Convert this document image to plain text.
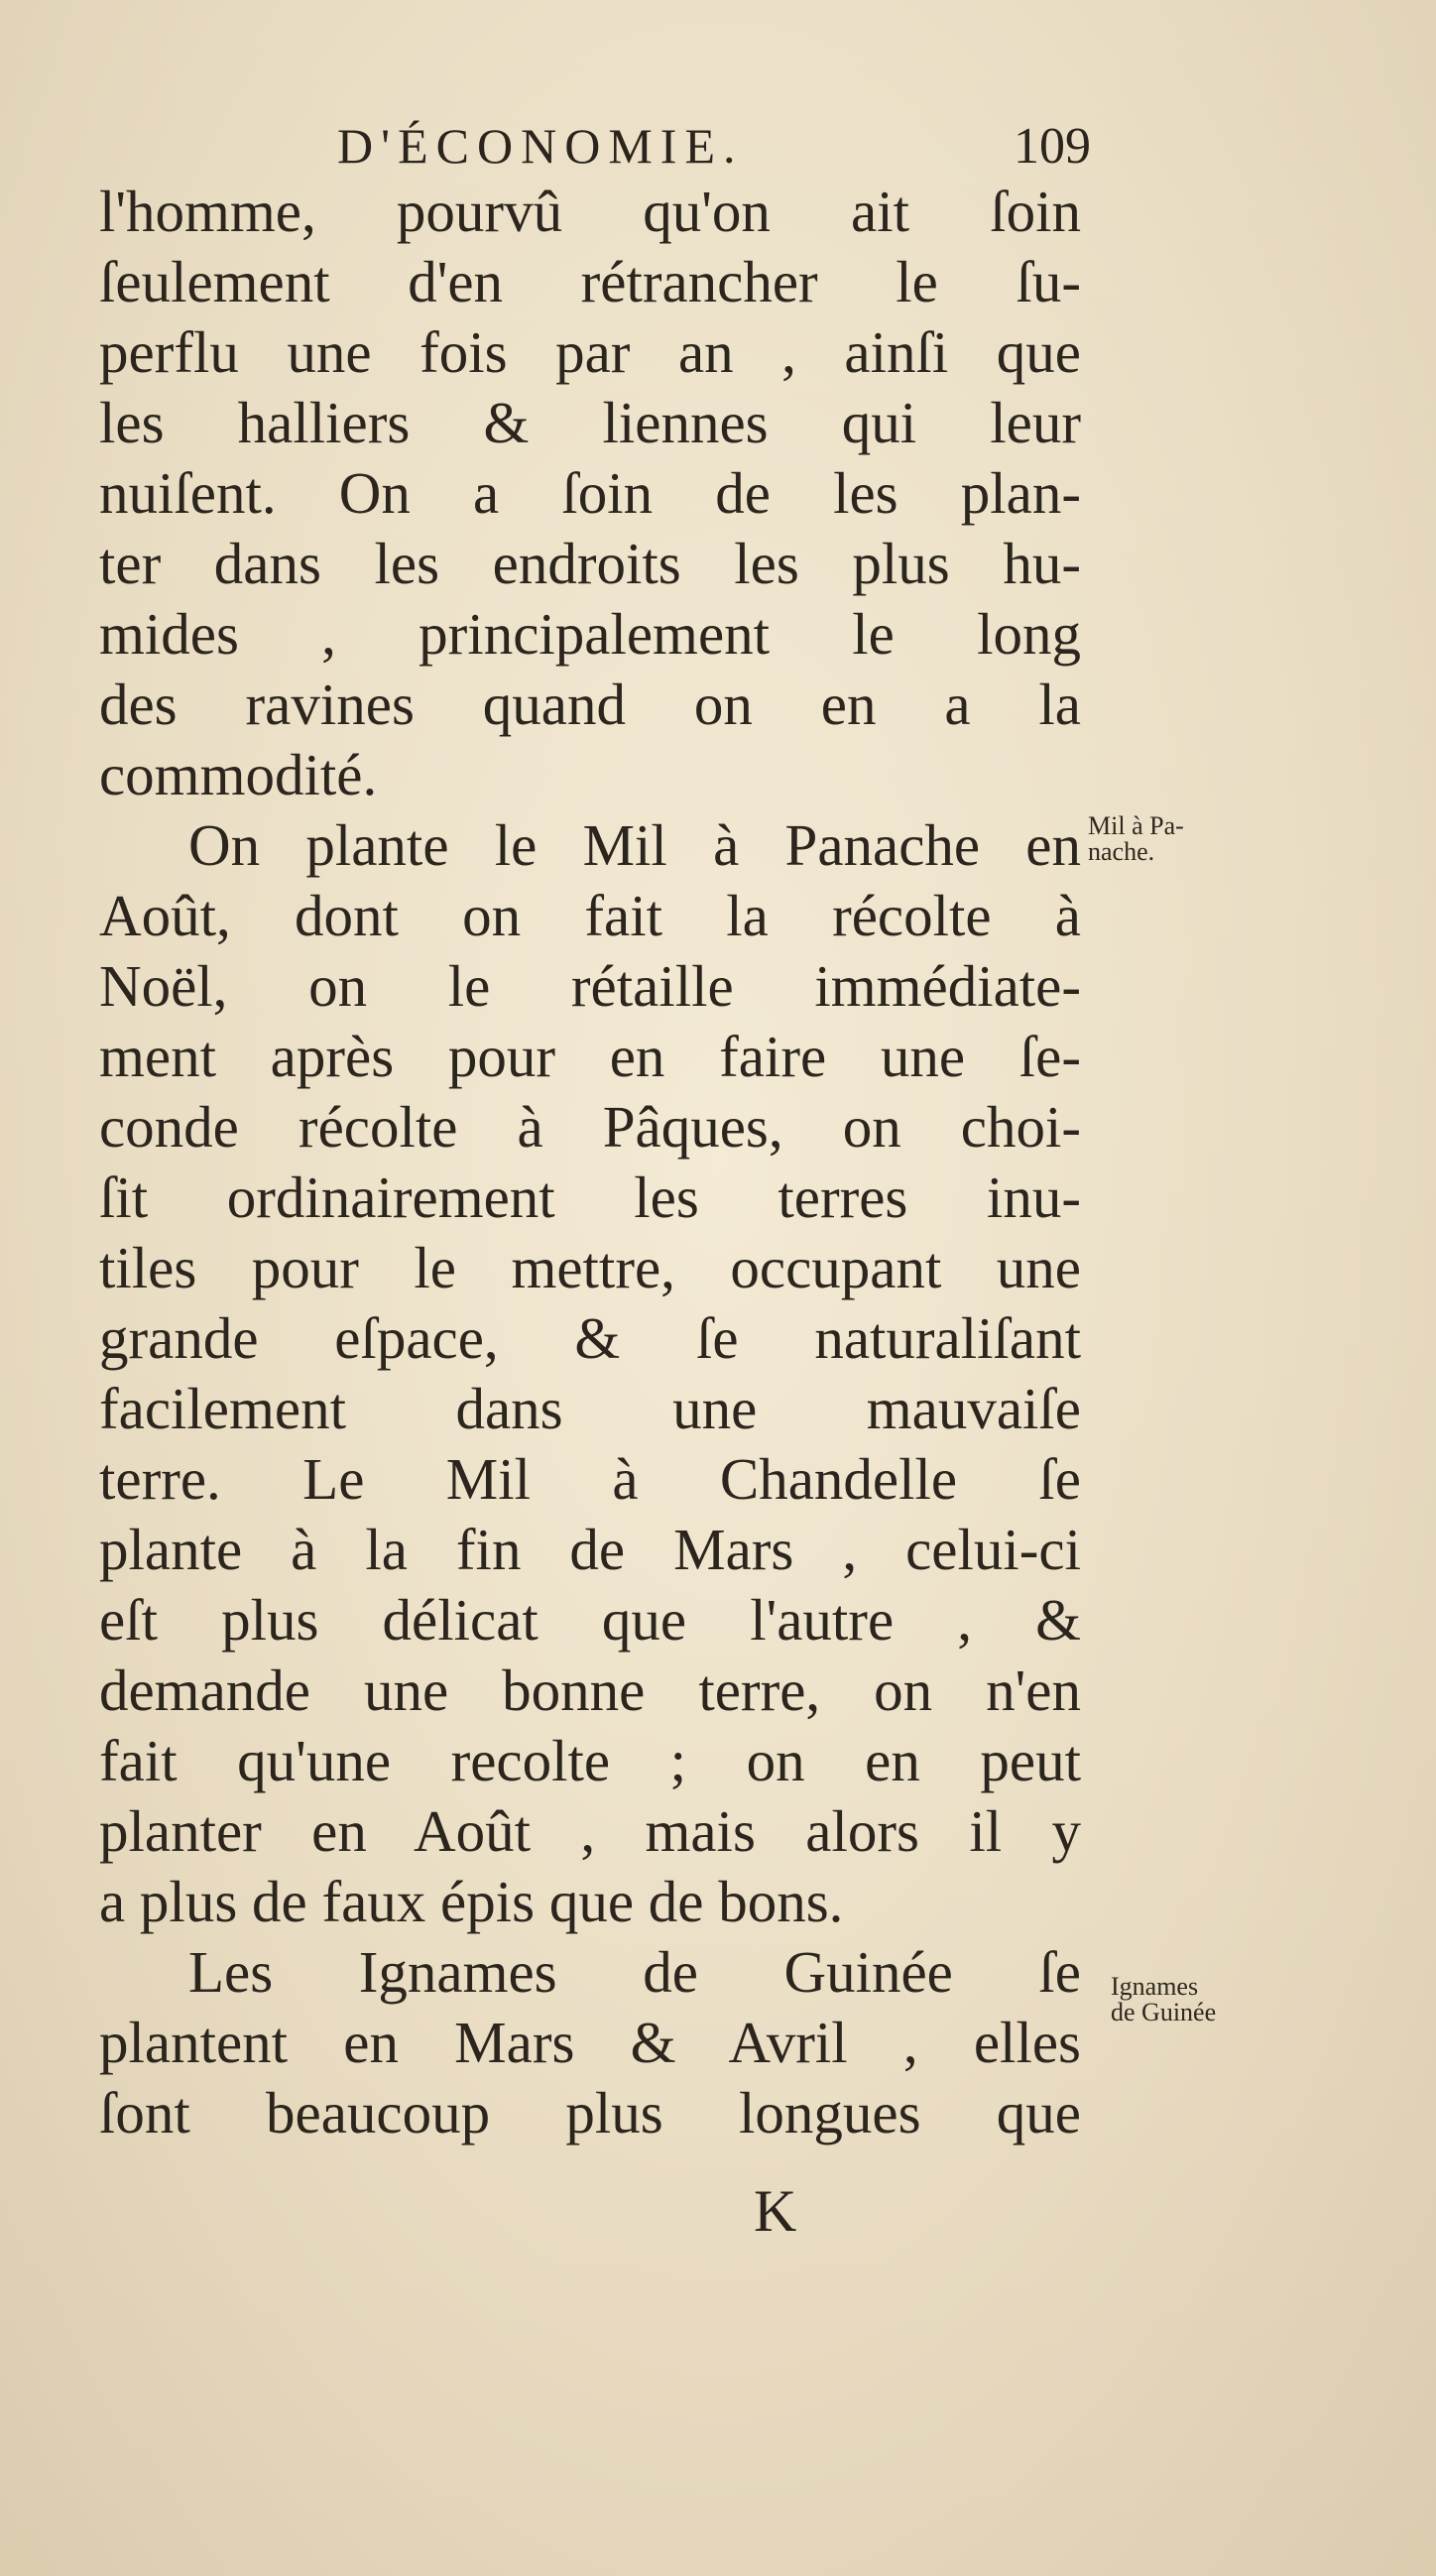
D'ÉCONOMIE.	109
l'homme, pourvû qu'on ait ſoin
ſeulement d'en rétrancher le ſu-
perflu une fois par an , ainſi que
les halliers & liennes qui leur
nuiſent. On a ſoin de les plan-
ter dans les endroits les plus hu-
mides , principalement le long
des ravines quand on en a la
commodité.
On plante le Mil à Panache en
Août, dont on fait la récolte à
Noël, on le rétaille immédiate-
ment après pour en faire une ſe-
conde récolte à Pâques, on choi-
ſit ordinairement les terres inu-
tiles pour le mettre, occupant une
grande eſpace, & ſe naturaliſant
facilement dans une mauvaiſe
terre. Le Mil à Chandelle ſe
plante à la fin de Mars , celui-ci
eſt plus délicat que l'autre , &
demande une bonne terre, on n'en
fait qu'une recolte ; on en peut
planter en Août , mais alors il y
a plus de faux épis que de bons.
Les Ignames de Guinée ſe
plantent en Mars & Avril , elles
ſont beaucoup plus longues que
Mil à Pa-
nache.
Ignames
de Guinée
K
